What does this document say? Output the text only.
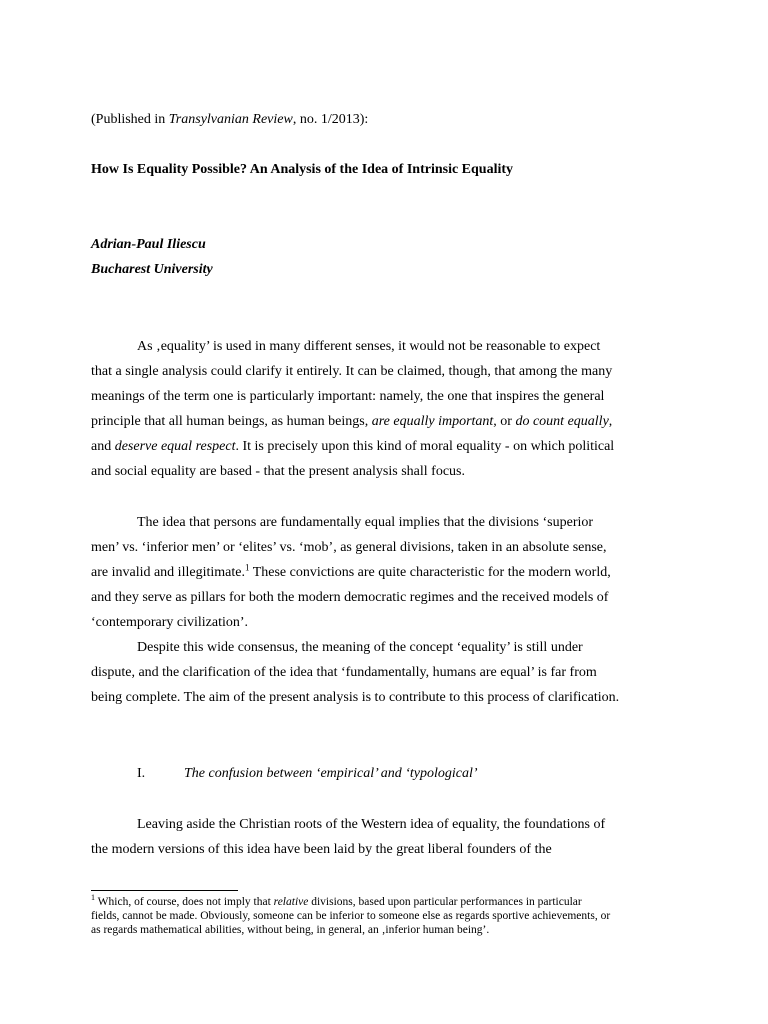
(Published in Transylvanian Review, no. 1/2013):
How Is Equality Possible? An Analysis of the Idea of Intrinsic Equality
Adrian-Paul Iliescu
Bucharest University
As ‚equality’ is used in many different senses, it would not be reasonable to expect
that a single analysis could clarify it entirely. It can be claimed, though, that among the many
meanings of the term one is particularly important: namely, the one that inspires the general
principle that all human beings, as human beings, are equally important, or do count equally,
and deserve equal respect. It is precisely upon this kind of moral equality - on which political
and social equality are based - that the present analysis shall focus.
The idea that persons are fundamentally equal implies that the divisions ‘superior
men’ vs. ‘inferior men’ or ‘elites’ vs. ‘mob’, as general divisions, taken in an absolute sense,
are invalid and illegitimate.$^1$ These convictions are quite characteristic for the modern world,
and they serve as pillars for both the modern democratic regimes and the received models of
‘contemporary civilization’.
Despite this wide consensus, the meaning of the concept ‘equality’ is still under
dispute, and the clarification of the idea that ‘fundamentally, humans are equal’ is far from
being complete. The aim of the present analysis is to contribute to this process of clarification.
I.	The confusion between ‘empirical’ and ‘typological’
Leaving aside the Christian roots of the Western idea of equality, the foundations of
the modern versions of this idea have been laid by the great liberal founders of the
$^1$ Which, of course, does not imply that relative divisions, based upon particular performances in particular
fields, cannot be made. Obviously, someone can be inferior to someone else as regards sportive achievements, or
as regards mathematical abilities, without being, in general, an ‚inferior human being’.
